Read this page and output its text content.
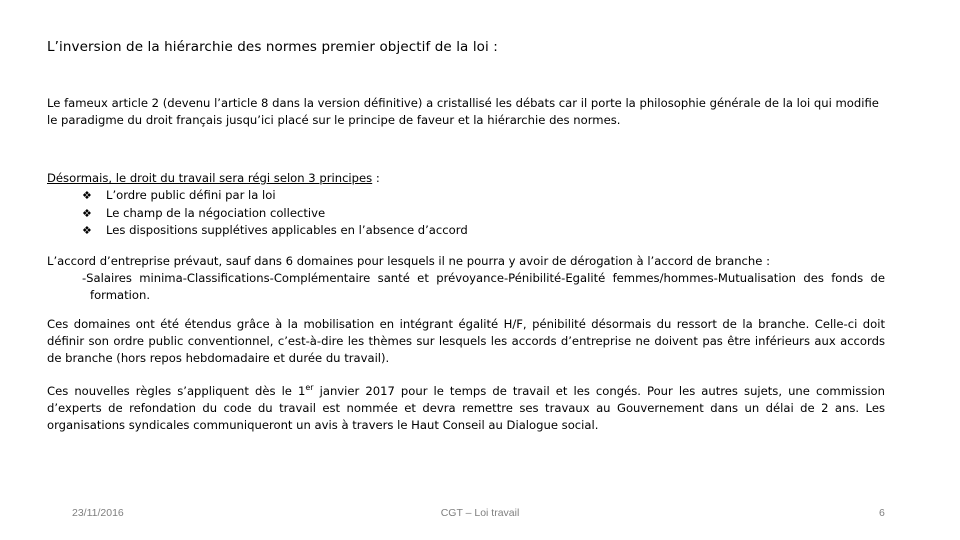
L’inversion de la hiérarchie des normes premier objectif de la loi :

Le fameux article 2 (devenu l’article 8 dans la version définitive) a cristallisé les débats car il porte la philosophie générale de la loi qui modifie le paradigme du droit français jusqu’ici placé sur le principe de faveur et la hiérarchie des normes.

Désormais, le droit du travail sera régi selon 3 principes :

❖ L’ordre public défini par la loi
❖ Le champ de la négociation collective
❖ Les dispositions supplétives applicables en l’absence d’accord

L’accord d’entreprise prévaut, sauf dans 6 domaines pour lesquels il ne pourra y avoir de dérogation à l’accord de branche :

-Salaires minima-Classifications-Complémentaire santé et prévoyance-Pénibilité-Egalité femmes/hommes-Mutualisation des fonds de
formation.

Ces domaines ont été étendus grâce à la mobilisation en intégrant égalité H/F, pénibilité désormais du ressort de la branche. Celle-ci doit définir son ordre public conventionnel, c’est-à-dire les thèmes sur lesquels les accords d’entreprise ne doivent pas être inférieurs aux accords de branche (hors repos hebdomadaire et durée du travail).

Ces nouvelles règles s’appliquent dès le 1er janvier 2017 pour le temps de travail et les congés. Pour les autres sujets, une commission d’experts de refondation du code du travail est nommée et devra remettre ses travaux au Gouvernement dans un délai de 2 ans. Les organisations syndicales communiqueront un avis à travers le Haut Conseil au Dialogue social.

23/11/2016	CGT – Loi travail	6
